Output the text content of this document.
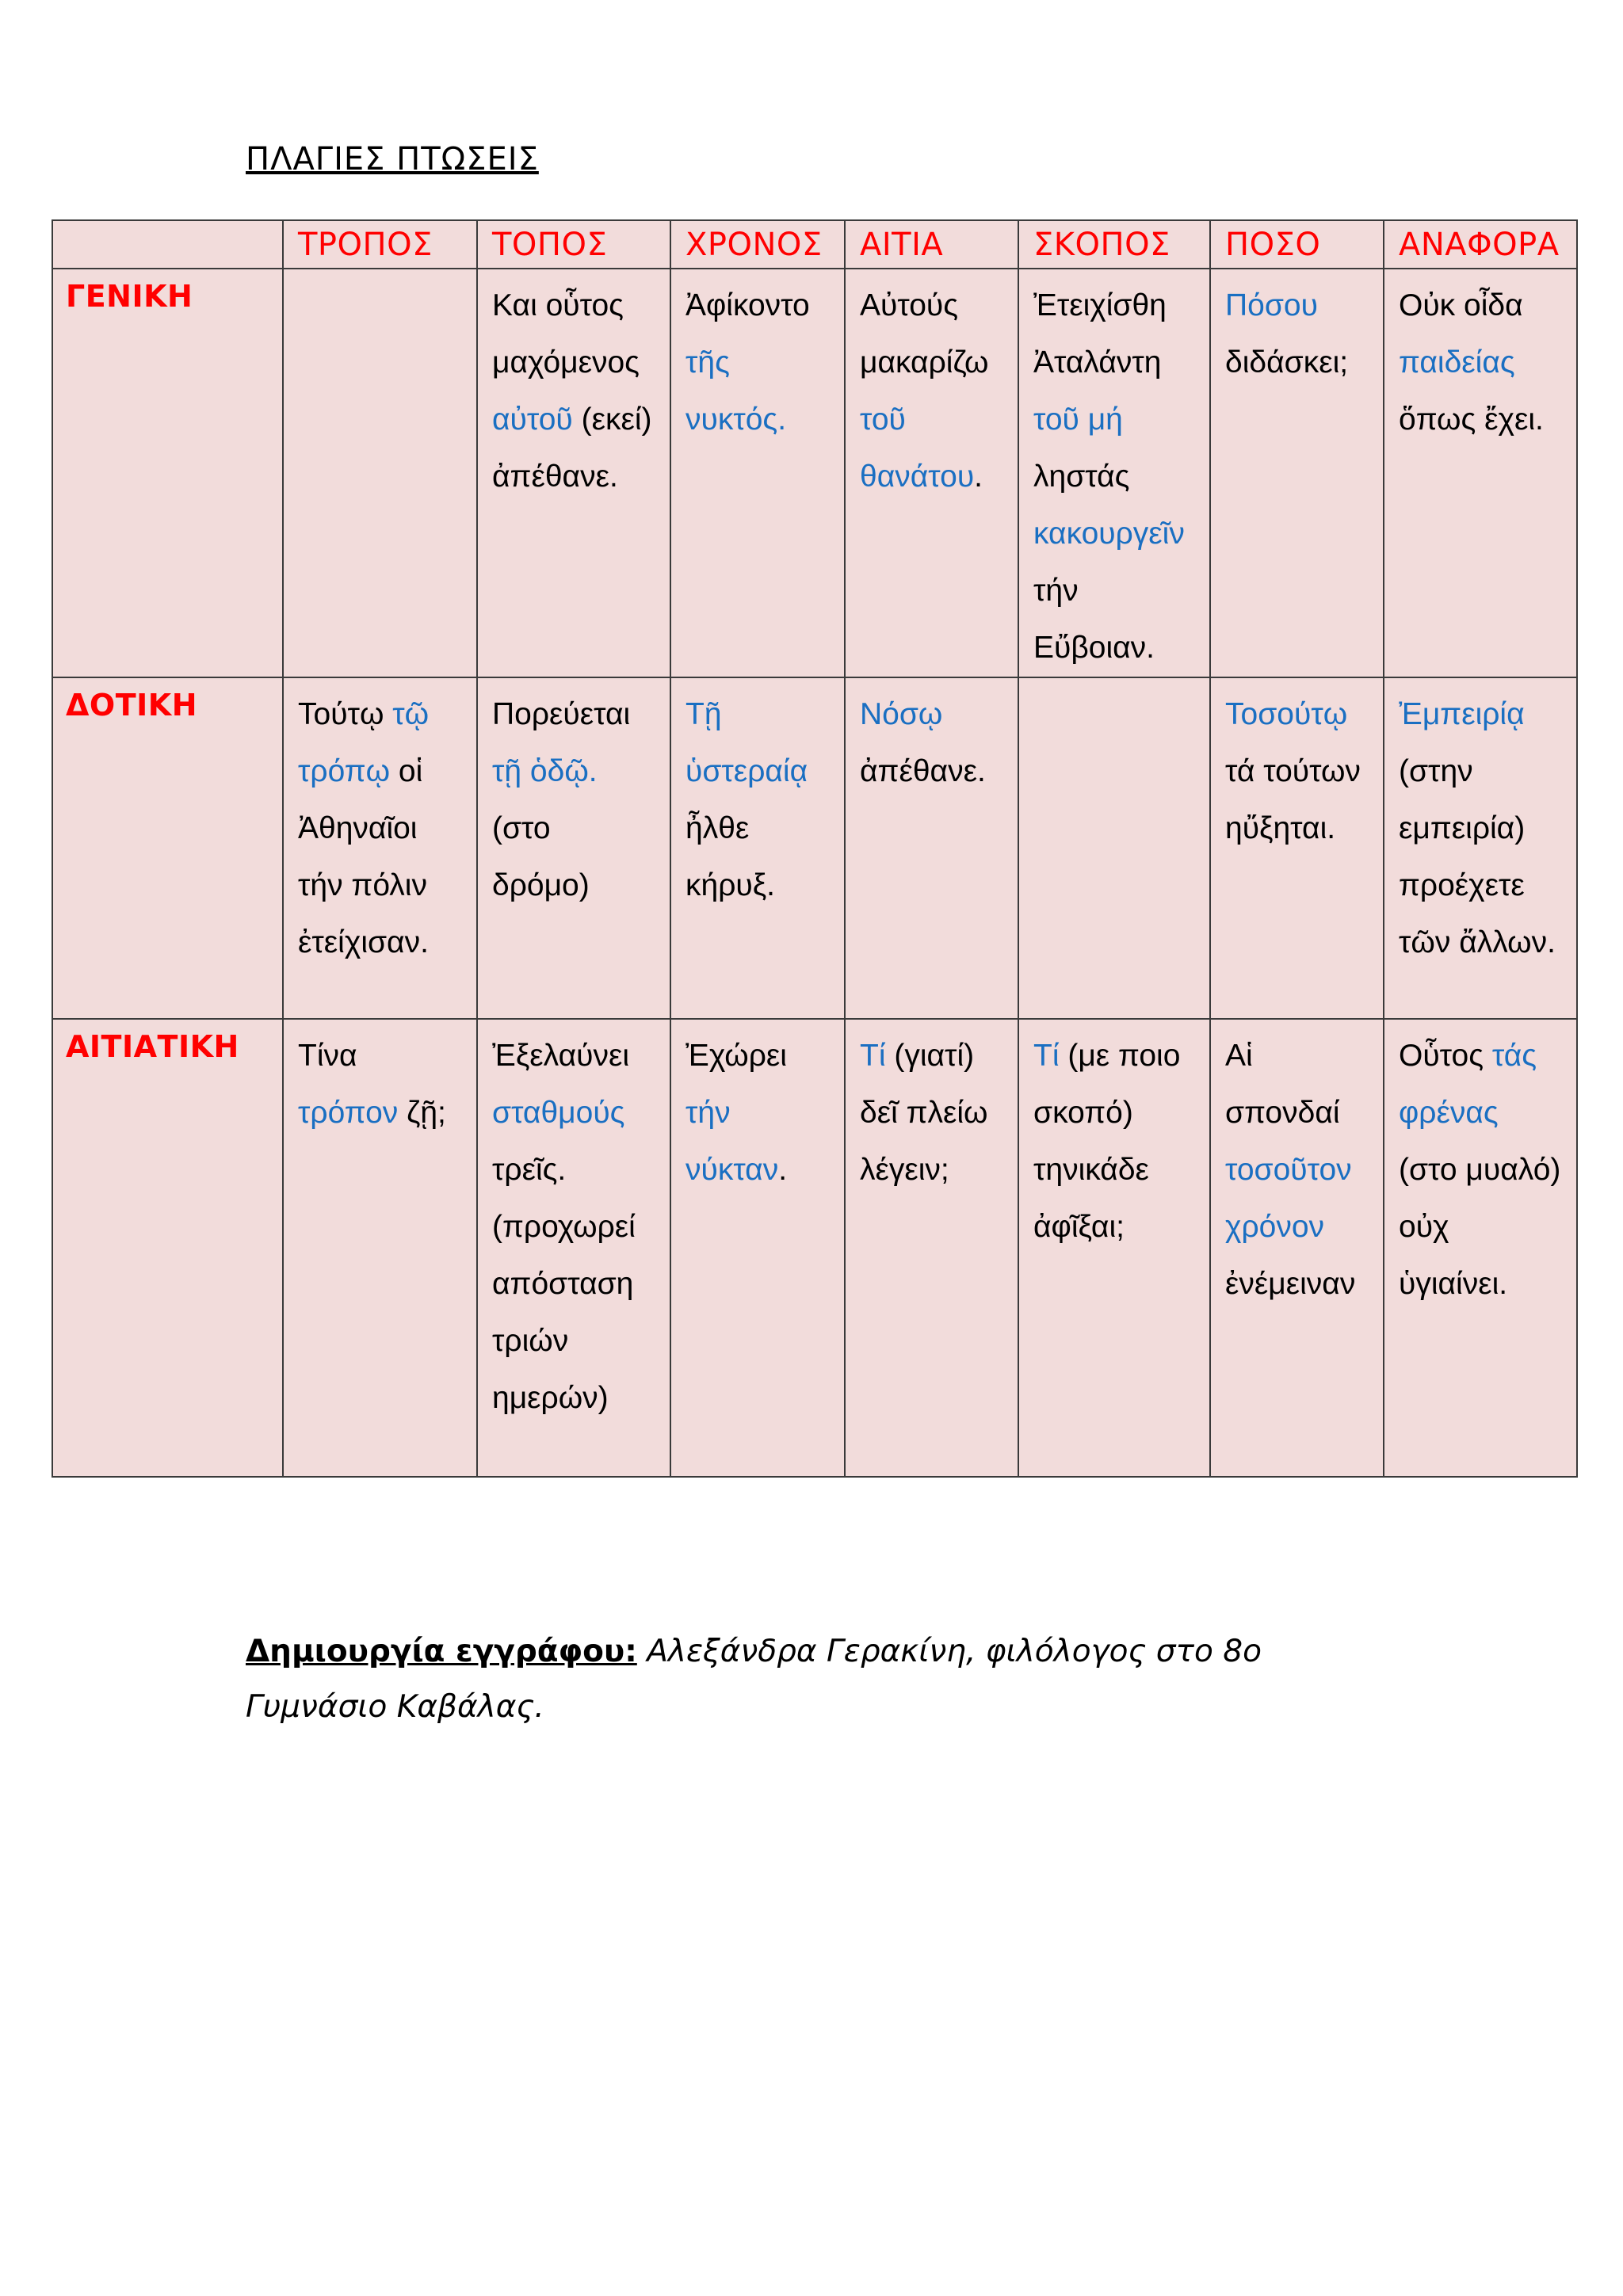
ΠΛΑΓΙΕΣ ΠΤΩΣΕΙΣ
	ΤΡΟΠΟΣ	ΤΟΠΟΣ	ΧΡΟΝΟΣ	ΑΙΤΙΑ	ΣΚΟΠΟΣ	ΠΟΣΟ	ΑΝΑΦΟΡΑ
ΓΕΝΙΚΗ		Και οὗτος μαχόμενος αὐτοῦ (εκεί) ἀπέθανε.	Ἀφίκοντο τῆς νυκτός.	Αὐτούς μακαρίζω τοῦ θανάτου.	Ἐτειχίσθη Ἀταλάντη τοῦ μή ληστάς κακουργεῖν τήν Εὔβοιαν.	Πόσου διδάσκει;	Οὐκ οἶδα παιδείας ὅπως ἔχει.
ΔΟΤΙΚΗ	Τούτῳ τῷ τρόπῳ οἱ Ἀθηναῖοι τήν πόλιν ἐτείχισαν.	Πορεύεται τῇ ὁδῷ. (στο δρόμο)	Τῇ ὑστεραίᾳ ἦλθε κήρυξ.	Νόσῳ ἀπέθανε.		Τοσούτῳ τά τούτων ηὔξηται.	Ἐμπειρίᾳ (στην εμπειρία) προέχετε τῶν ἄλλων.
ΑΙΤΙΑΤΙΚΗ	Τίνα τρόπον ζῇ;	Ἐξελαύνει σταθμούς τρεῖς. (προχωρεί απόσταση τριών ημερών)	Ἐχώρει τήν νύκταν.	Τί (γιατί) δεῖ πλείω λέγειν;	Τί (με ποιο σκοπό) τηνικάδε ἀφῖξαι;	Αἱ σπονδαί τοσοῦτον χρόνον ἐνέμειναν	Οὗτος τάς φρένας (στο μυαλό) οὐχ ὑγιαίνει.
Δημιουργία εγγράφου: Αλεξάνδρα Γερακίνη, φιλόλογος στο 8ο Γυμνάσιο Καβάλας.
